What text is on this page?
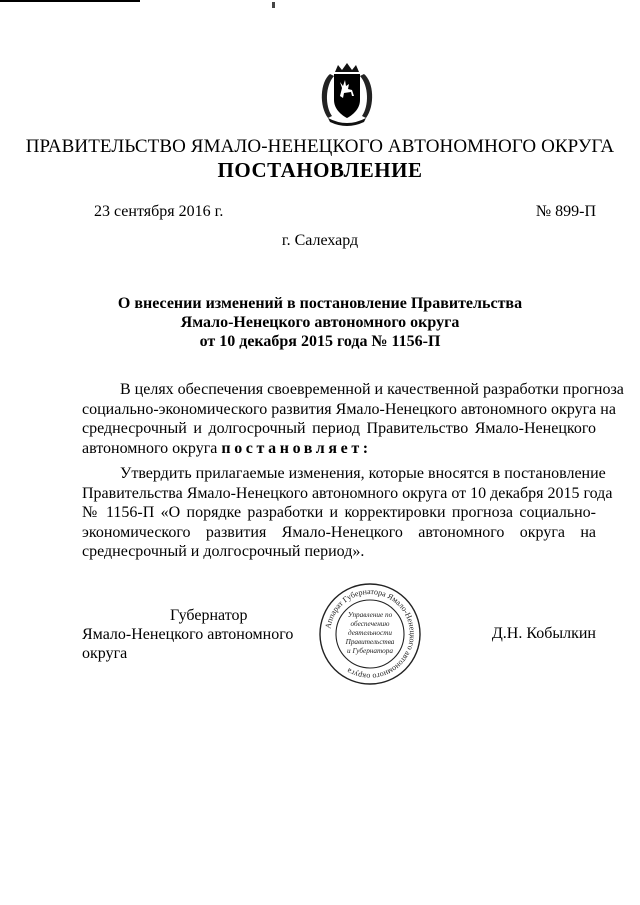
ПРАВИТЕЛЬСТВО ЯМАЛО-НЕНЕЦКОГО АВТОНОМНОГО ОКРУГА
ПОСТАНОВЛЕНИЕ
23 сентября 2016 г.	№ 899-П
г. Салехард
О внесении изменений в постановление Правительства
Ямало-Ненецкого автономного округа
от 10 декабря 2015 года № 1156-П
В целях обеспечения своевременной и качественной разработки прогноза
социально-экономического развития Ямало-Ненецкого автономного округа на
среднесрочный и долгосрочный период Правительство Ямало-Ненецкого
автономного округа постановляет:
Утвердить прилагаемые изменения, которые вносятся в постановление
Правительства Ямало-Ненецкого автономного округа от 10 декабря 2015 года
№ 1156-П «О порядке разработки и корректировки прогноза социально-
экономического развития Ямало-Ненецкого автономного округа на
среднесрочный и долгосрочный период».
Губернатор
Ямало-Ненецкого автономного округа
Д.Н. Кобылкин
Аппарат Губернатора Ямало-Ненецкого автономного округа
Управление по
обеспечению
деятельности
Правительства
и Губернатора
